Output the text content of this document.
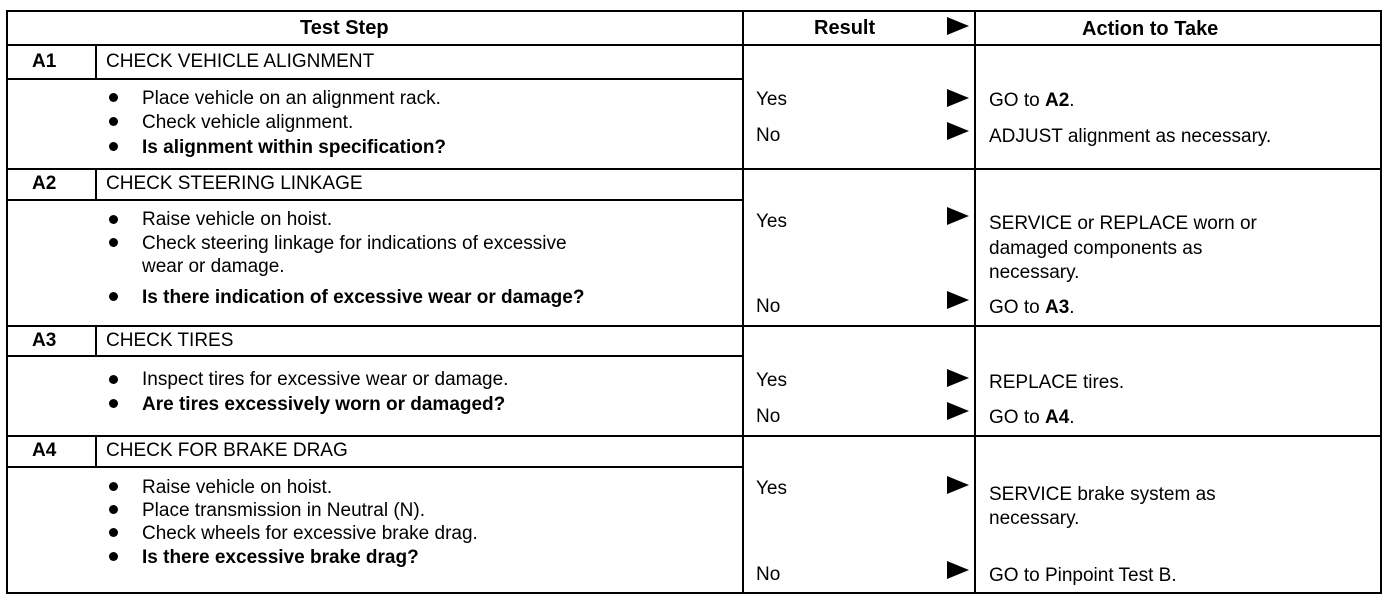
Test Step	Result	Action to Take
A1	CHECK VEHICLE ALIGNMENT
Place vehicle on an alignment rack.
Check vehicle alignment.
Is alignment within specification?
Yes	GO to A2.
No	ADJUST alignment as necessary.
A2	CHECK STEERING LINKAGE
Raise vehicle on hoist.
Check steering linkage for indications of excessive
wear or damage.
Is there indication of excessive wear or damage?
Yes	SERVICE or REPLACE worn or
damaged components as
necessary.
No	GO to A3.
A3	CHECK TIRES
Inspect tires for excessive wear or damage.
Are tires excessively worn or damaged?
Yes	REPLACE tires.
No	GO to A4.
A4	CHECK FOR BRAKE DRAG
Raise vehicle on hoist.
Place transmission in Neutral (N).
Check wheels for excessive brake drag.
Is there excessive brake drag?
Yes	SERVICE brake system as
necessary.
No	GO to Pinpoint Test B.
